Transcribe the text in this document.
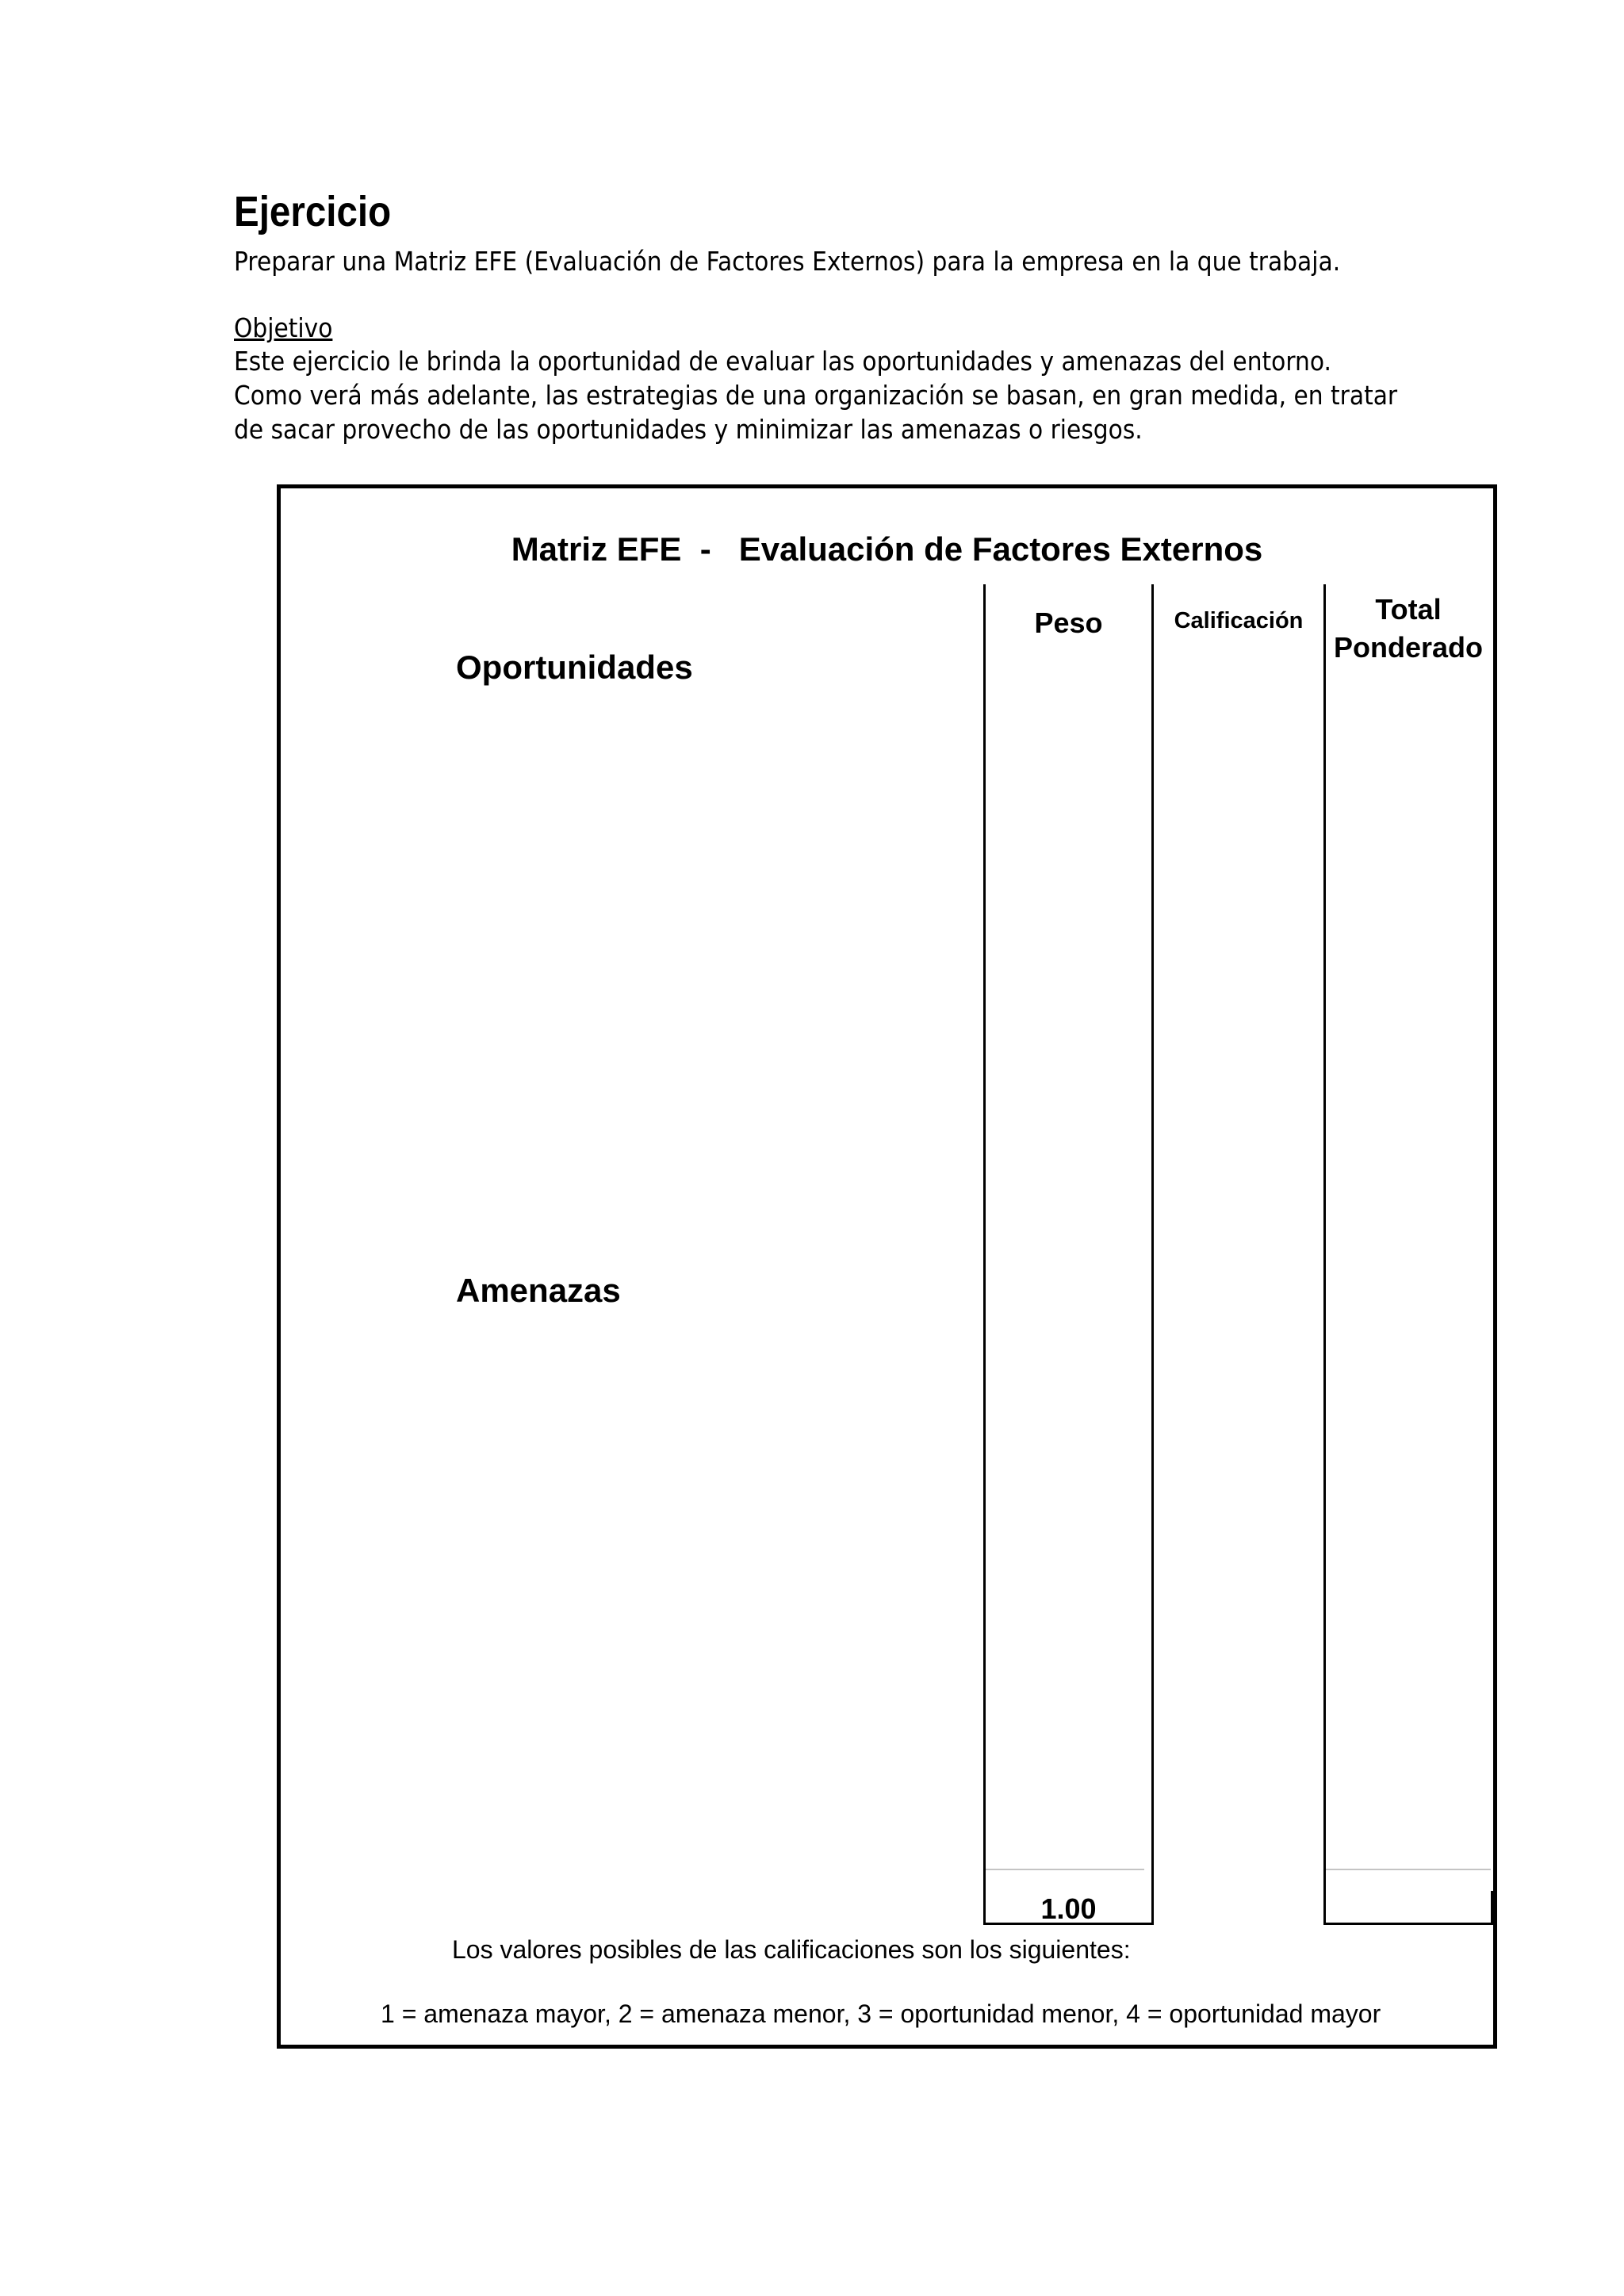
Ejercicio
Preparar una Matriz EFE (Evaluación de Factores Externos) para la empresa en la que trabaja.
Objetivo
Este ejercicio le brinda la oportunidad de evaluar las oportunidades y amenazas del entorno.
Como verá más adelante, las estrategias de una organización se basan, en gran medida, en tratar
de sacar provecho de las oportunidades y minimizar las amenazas o riesgos.
Matriz EFE  -   Evaluación de Factores Externos
Peso	Calificación	Total
Ponderado
Oportunidades
Amenazas
1.00
Los valores posibles de las calificaciones son los siguientes:
1 = amenaza mayor, 2 = amenaza menor, 3 = oportunidad menor, 4 = oportunidad mayor
